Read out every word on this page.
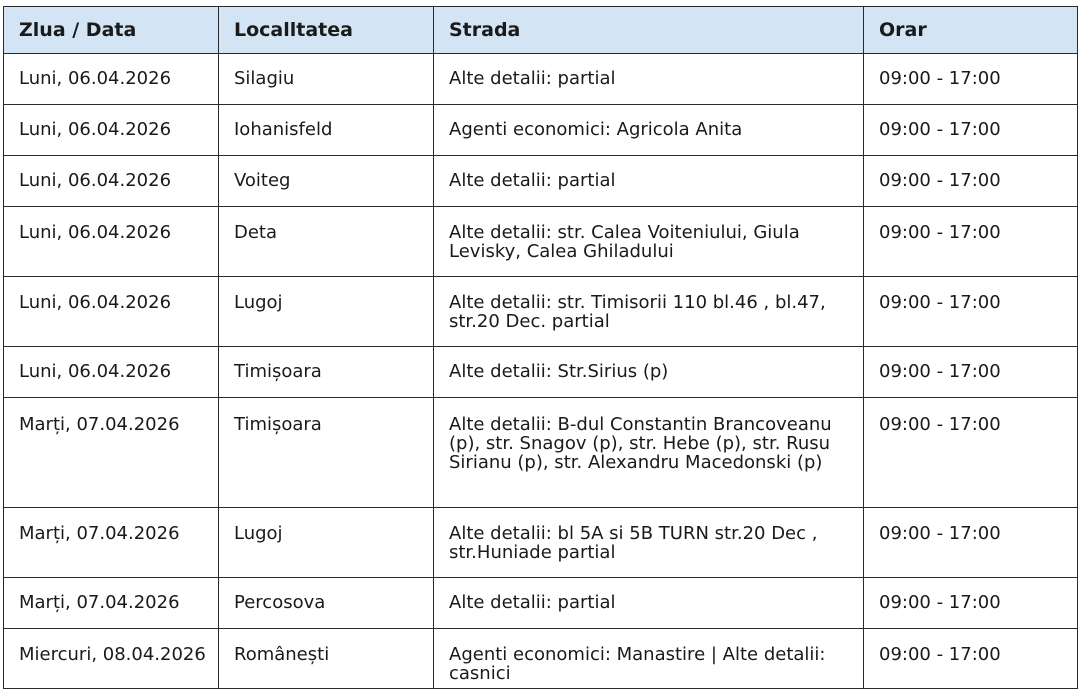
Zlua / Data	Localltatea	Strada	Orar
Luni, 06.04.2026	Silagiu	Alte detalii: partial	09:00 - 17:00
Luni, 06.04.2026	Iohanisfeld	Agenti economici: Agricola Anita	09:00 - 17:00
Luni, 06.04.2026	Voiteg	Alte detalii: partial	09:00 - 17:00
Luni, 06.04.2026	Deta	Alte detalii: str. Calea Voiteniului, Giula Levisky, Calea Ghiladului	09:00 - 17:00
Luni, 06.04.2026	Lugoj	Alte detalii: str. Timisorii 110 bl.46 , bl.47, str.20 Dec. partial	09:00 - 17:00
Luni, 06.04.2026	Timișoara	Alte detalii: Str.Sirius (p)	09:00 - 17:00
Marți, 07.04.2026	Timișoara	Alte detalii: B-dul Constantin Brancoveanu (p), str. Snagov (p), str. Hebe (p), str. Rusu Sirianu (p), str. Alexandru Macedonski (p)	09:00 - 17:00
Marți, 07.04.2026	Lugoj	Alte detalii: bl 5A si 5B TURN str.20 Dec , str.Huniade partial	09:00 - 17:00
Marți, 07.04.2026	Percosova	Alte detalii: partial	09:00 - 17:00
Miercuri, 08.04.2026	Românești	Agenti economici: Manastire | Alte detalii: casnici	09:00 - 17:00
